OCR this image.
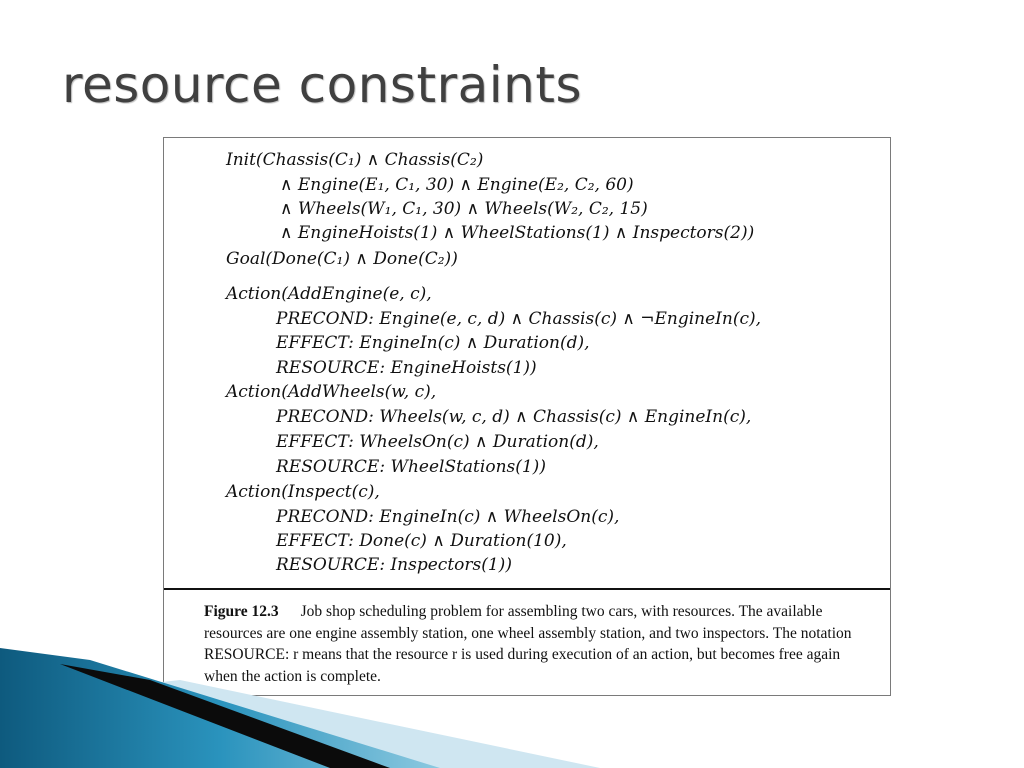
resource constraints
Init(Chassis(C₁) ∧ Chassis(C₂)
∧ Engine(E₁, C₁, 30) ∧ Engine(E₂, C₂, 60)
∧ Wheels(W₁, C₁, 30) ∧ Wheels(W₂, C₂, 15)
∧ EngineHoists(1) ∧ WheelStations(1) ∧ Inspectors(2))
Goal(Done(C₁) ∧ Done(C₂))
Action(AddEngine(e, c),
PRECOND: Engine(e, c, d) ∧ Chassis(c) ∧ ¬EngineIn(c),
EFFECT: EngineIn(c) ∧ Duration(d),
RESOURCE: EngineHoists(1))
Action(AddWheels(w, c),
PRECOND: Wheels(w, c, d) ∧ Chassis(c) ∧ EngineIn(c),
EFFECT: WheelsOn(c) ∧ Duration(d),
RESOURCE: WheelStations(1))
Action(Inspect(c),
PRECOND: EngineIn(c) ∧ WheelsOn(c),
EFFECT: Done(c) ∧ Duration(10),
RESOURCE: Inspectors(1))
Figure 12.3 Job shop scheduling problem for assembling two cars, with resources. The available resources are one engine assembly station, one wheel assembly station, and two inspectors. The notation RESOURCE: r means that the resource r is used during execution of an action, but becomes free again when the action is complete.
